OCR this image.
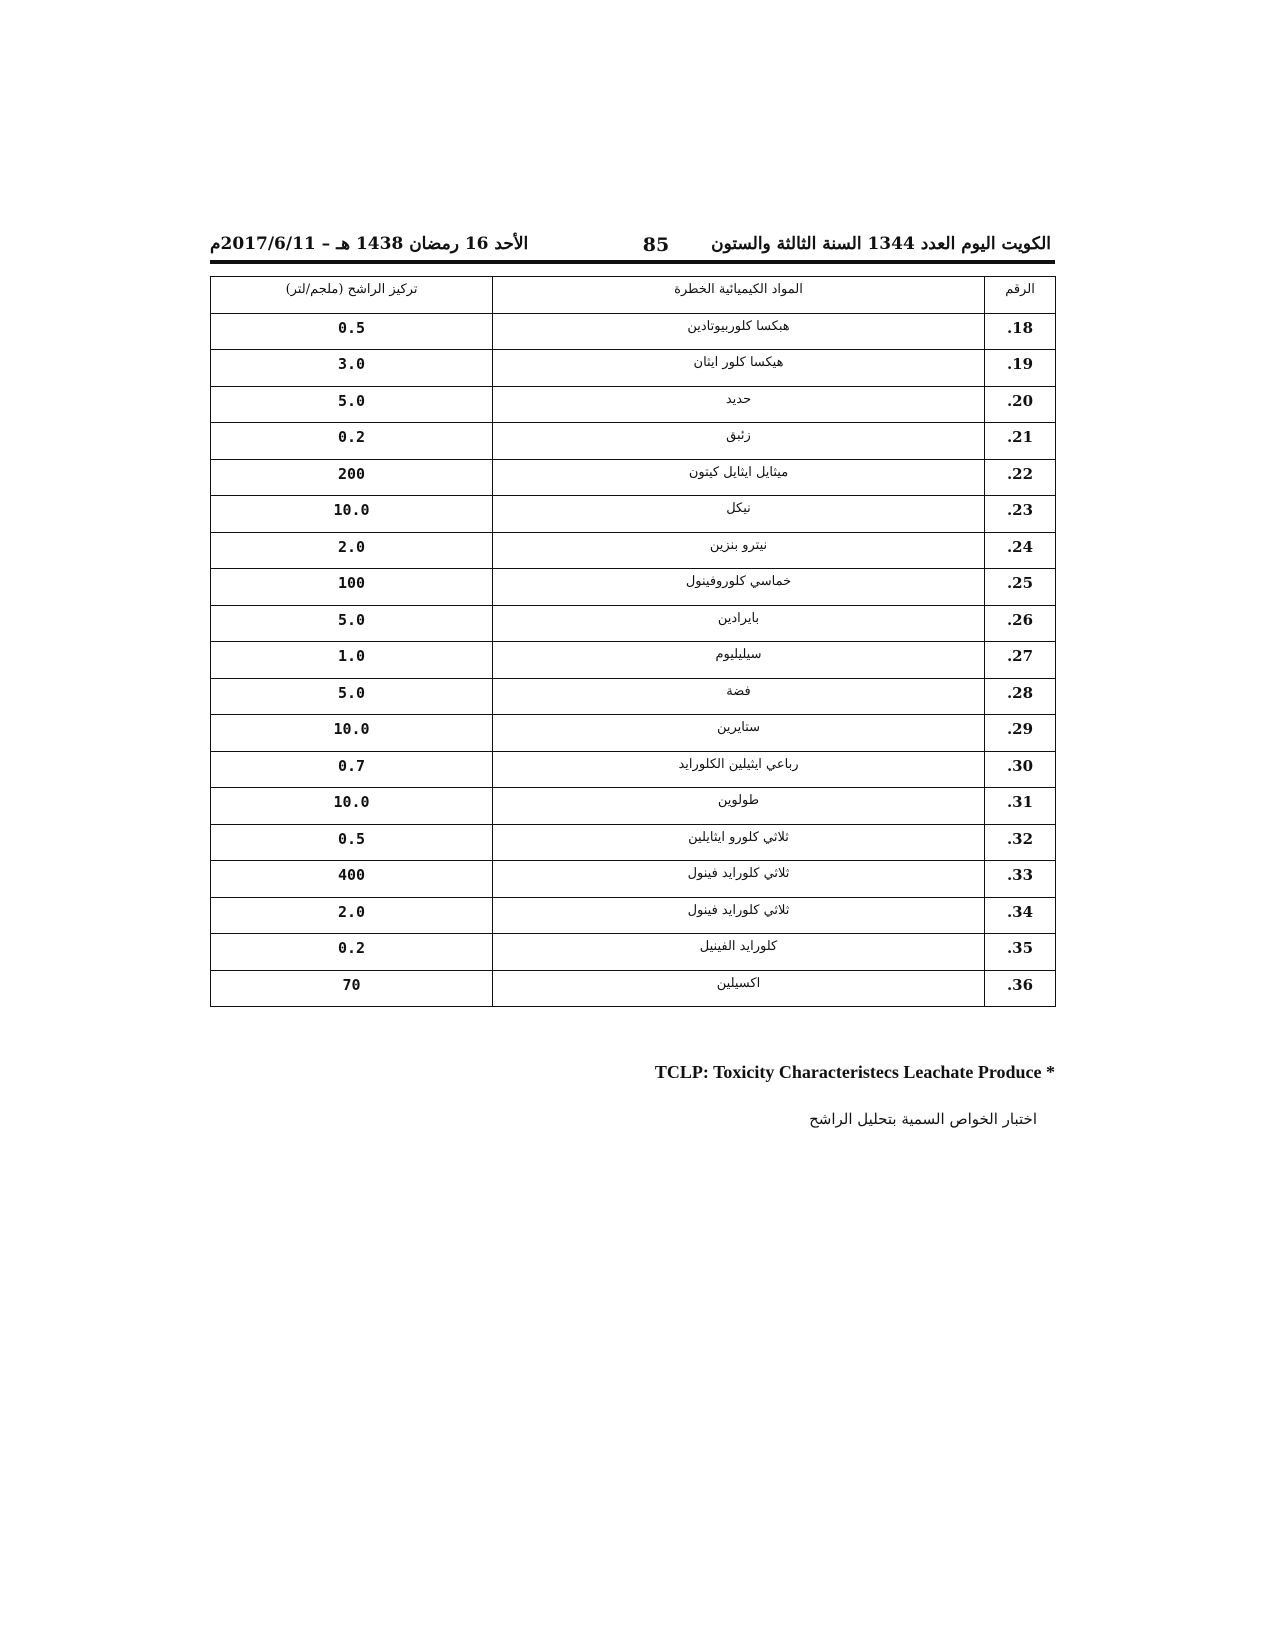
الكويت اليوم العدد 1344 السنة الثالثة والستون
85
الأحد 16 رمضان 1438 هـ – 2017/6/11م
الرقم	المواد الكيميائية الخطرة	تركيز الراشح (ملجم/لتر)
18.	هبكسا كلوربيوتادين	0.5
19.	هيكسا كلور ايثان	3.0
20.	حديد	5.0
21.	زئبق	0.2
22.	ميثايل ايثايل كيتون	200
23.	نيكل	10.0
24.	نيترو بنزين	2.0
25.	خماسي كلوروفينول	100
26.	بايرادين	5.0
27.	سيليليوم	1.0
28.	فضة	5.0
29.	ستايرين	10.0
30.	رباعي ايثيلين الكلورايد	0.7
31.	طولوين	10.0
32.	ثلاثي كلورو ايثايلين	0.5
33.	ثلاثي كلورايد فينول	400
34.	ثلاثي كلورايد فينول	2.0
35.	كلورايد الفينيل	0.2
36.	اكسيلين	70
TCLP: Toxicity Characteristecs Leachate Produce *
اختبار الخواص السمية بتحليل الراشح
